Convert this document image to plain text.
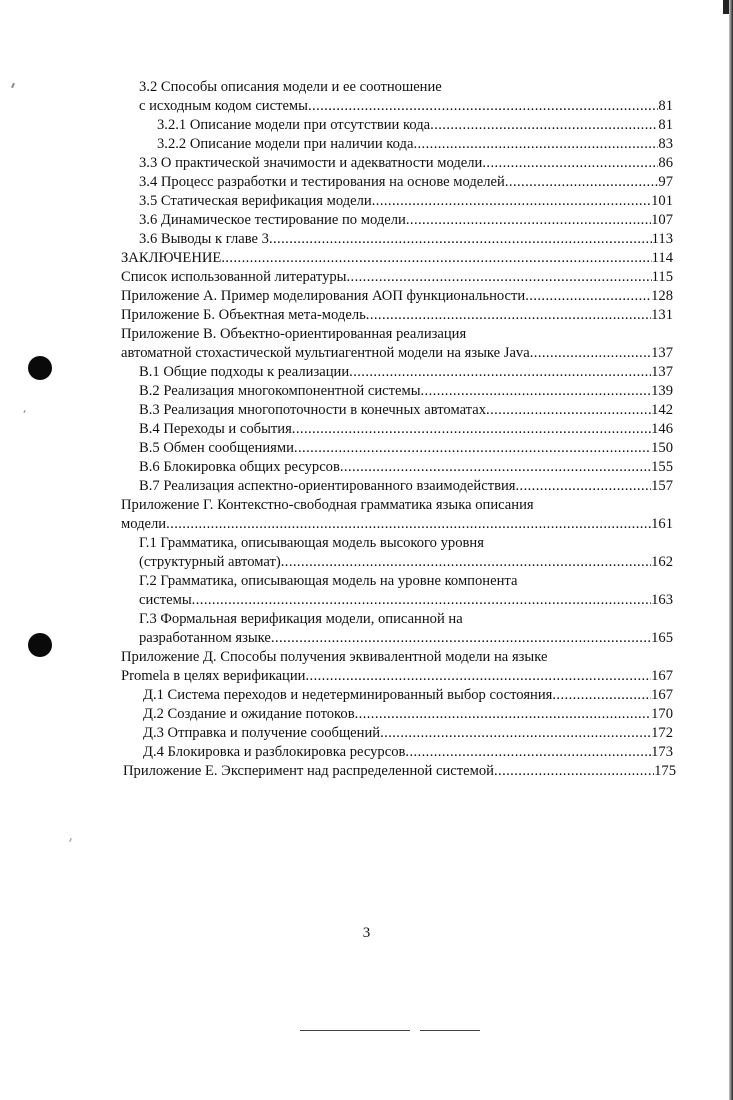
3.2 Способы описания модели и ее соотношение
с исходным кодом системы .....	81
3.2.1 Описание модели при отсутствии кода .....	81
3.2.2 Описание модели при наличии кода .....	83
3.3 О практической значимости и адекватности модели .....	86
3.4 Процесс разработки и тестирования на основе моделей .....	97
3.5 Статическая верификация модели .....	101
3.6 Динамическое тестирование по модели .....	107
3.6 Выводы к главе 3 .....	113
ЗАКЛЮЧЕНИЕ .....	114
Список использованной литературы .....	115
Приложение А. Пример моделирования АОП функциональности .....	128
Приложение Б. Объектная мета-модель .....	131
Приложение В. Объектно-ориентированная реализация
автоматной стохастической мультиагентной модели на языке Java .....	137
В.1 Общие подходы к реализации .....	137
В.2 Реализация многокомпонентной системы .....	139
В.3 Реализация многопоточности в конечных автоматах .....	142
В.4 Переходы и события .....	146
В.5 Обмен сообщениями .....	150
В.6 Блокировка общих ресурсов .....	155
В.7 Реализация аспектно-ориентированного взаимодействия .....	157
Приложение Г. Контекстно-свободная грамматика языка описания
модели .....	161
Г.1 Грамматика, описывающая модель высокого уровня
(структурный автомат) .....	162
Г.2 Грамматика, описывающая модель на уровне компонента
системы .....	163
Г.3 Формальная верификация модели, описанной на
разработанном языке .....	165
Приложение Д. Способы получения эквивалентной модели на языке
Promela в целях верификации .....	167
Д.1 Система переходов и недетерминированный выбор состояния .....	167
Д.2 Создание и ожидание потоков .....	170
Д.3 Отправка и получение сообщений .....	172
Д.4 Блокировка и разблокировка ресурсов .....	173
Приложение Е. Эксперимент над распределенной системой .....	175
3
